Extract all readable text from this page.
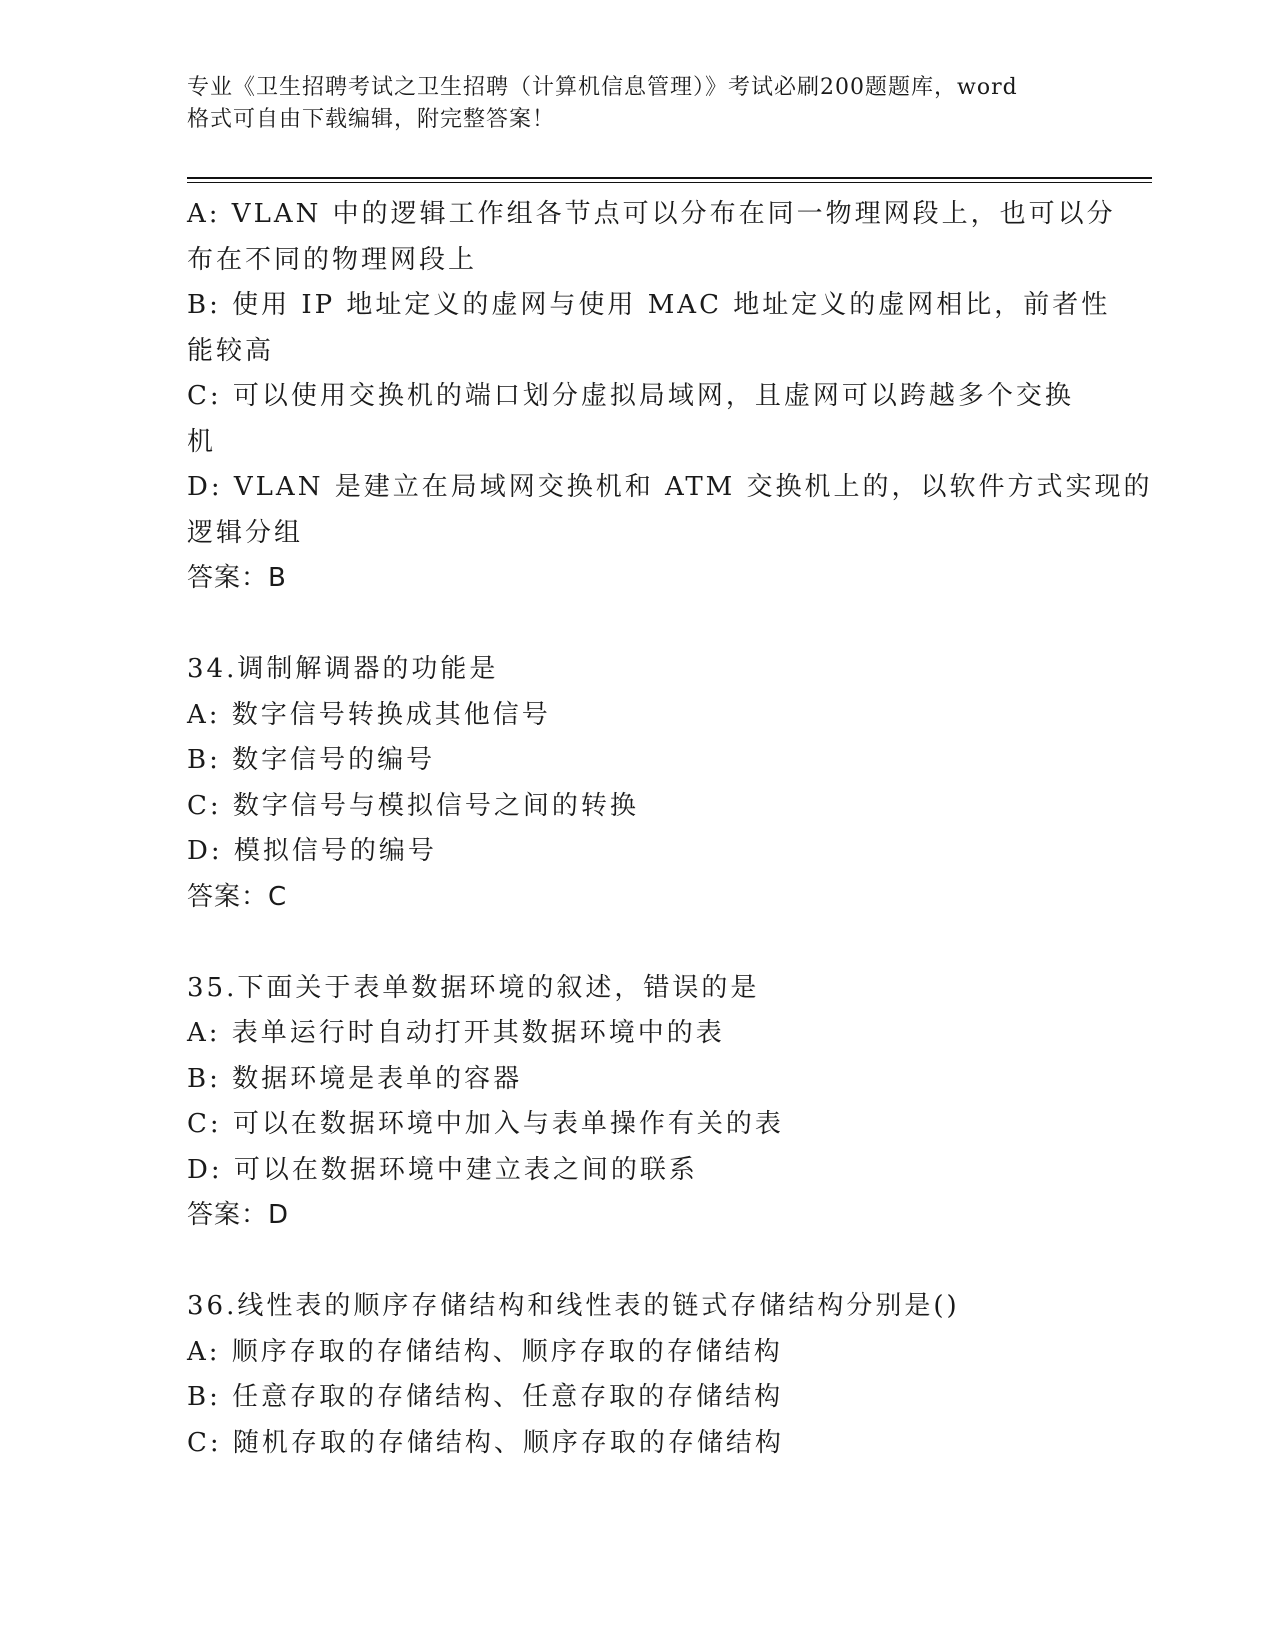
专业《卫生招聘考试之卫生招聘（计算机信息管理）》考试必刷200题题库，word
格式可自由下载编辑，附完整答案！
A: VLAN 中的逻辑工作组各节点可以分布在同一物理网段上，也可以分
布在不同的物理网段上
B: 使用 IP 地址定义的虚网与使用 MAC 地址定义的虚网相比，前者性
能较高
C: 可以使用交换机的端口划分虚拟局域网，且虚网可以跨越多个交换
机
D: VLAN 是建立在局域网交换机和 ATM 交换机上的，以软件方式实现的
逻辑分组
答案：B
34.调制解调器的功能是
A: 数字信号转换成其他信号
B: 数字信号的编号
C: 数字信号与模拟信号之间的转换
D: 模拟信号的编号
答案：C
35.下面关于表单数据环境的叙述，错误的是
A: 表单运行时自动打开其数据环境中的表
B: 数据环境是表单的容器
C: 可以在数据环境中加入与表单操作有关的表
D: 可以在数据环境中建立表之间的联系
答案：D
36.线性表的顺序存储结构和线性表的链式存储结构分别是()
A: 顺序存取的存储结构、顺序存取的存储结构
B: 任意存取的存储结构、任意存取的存储结构
C: 随机存取的存储结构、顺序存取的存储结构
